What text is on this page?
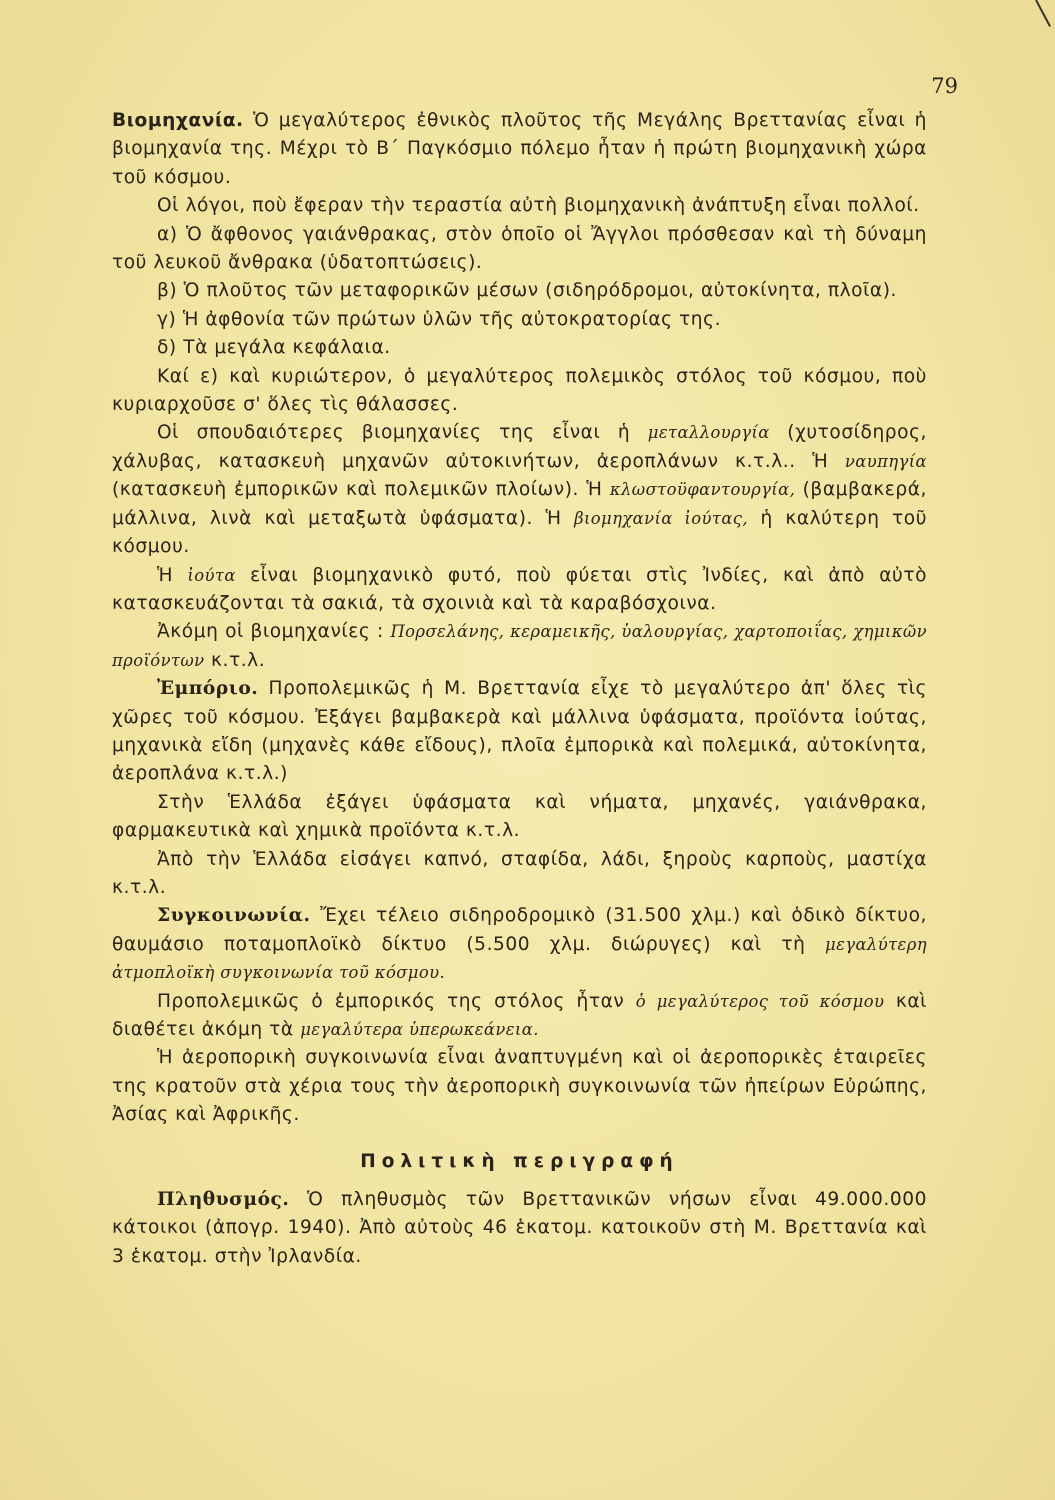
79

Βιομηχανία. Ὁ μεγαλύτερος ἐθνικὸς πλοῦτος τῆς Μεγάλης Βρεττανίας εἶναι ἡ βιομηχανία της. Μέχρι τὸ Β΄ Παγκόσμιο πόλεμο ἦταν ἡ πρώτη βιομηχανικὴ χώρα τοῦ κόσμου.

Οἱ λόγοι, ποὺ ἔφεραν τὴν τεραστία αὐτὴ βιομηχανικὴ ἀνάπτυξη εἶναι πολλοί.

α) Ὁ ἄφθονος γαιάνθρακας, στὸν ὁποῖο οἱ Ἄγγλοι πρόσθεσαν καὶ τὴ δύναμη τοῦ λευκοῦ ἄνθρακα (ὑδατοπτώσεις).

β) Ὁ πλοῦτος τῶν μεταφορικῶν μέσων (σιδηρόδρομοι, αὐτοκίνητα, πλοῖα).

γ) Ἡ ἀφθονία τῶν πρώτων ὑλῶν τῆς αὐτοκρατορίας της.

δ) Τὰ μεγάλα κεφάλαια.

Καί ε) καὶ κυριώτερον, ὁ μεγαλύτερος πολεμικὸς στόλος τοῦ κόσμου, ποὺ κυριαρχοῦσε σ' ὅλες τὶς θάλασσες.

Οἱ σπουδαιότερες βιομηχανίες της εἶναι ἡ μεταλλουργία (χυτοσίδηρος, χάλυβας, κατασκευὴ μηχανῶν αὐτοκινήτων, ἀεροπλάνων κ.τ.λ.. Ἡ ναυπηγία (κατασκευὴ ἐμπορικῶν καὶ πολεμικῶν πλοίων). Ἡ κλωστοϋφαντουργία, (βαμβακερά, μάλλινα, λινὰ καὶ μεταξωτὰ ὑφάσματα). Ἡ βιομηχανία ἰούτας, ἡ καλύτερη τοῦ κόσμου.

Ἡ ἰούτα εἶναι βιομηχανικὸ φυτό, ποὺ φύεται στὶς Ἰνδίες, καὶ ἀπὸ αὐτὸ κατασκευάζονται τὰ σακιά, τὰ σχοινιὰ καὶ τὰ καραβόσχοινα.

Ἀκόμη οἱ βιομηχανίες : Πορσελάνης, κεραμεικῆς, ὑαλουργίας, χαρτοποιΐας, χημικῶν προϊόντων κ.τ.λ.

Ἐμπόριο. Προπολεμικῶς ἡ Μ. Βρεττανία εἶχε τὸ μεγαλύτερο ἀπ' ὅλες τὶς χῶρες τοῦ κόσμου. Ἐξάγει βαμβακερὰ καὶ μάλλινα ὑφάσματα, προϊόντα ἰούτας, μηχανικὰ εἴδη (μηχανὲς κάθε εἴδους), πλοῖα ἐμπορικὰ καὶ πολεμικά, αὐτοκίνητα, ἀεροπλάνα κ.τ.λ.)

Στὴν Ἑλλάδα ἐξάγει ὑφάσματα καὶ νήματα, μηχανές, γαιάνθρακα, φαρμακευτικὰ καὶ χημικὰ προϊόντα κ.τ.λ.

Ἀπὸ τὴν Ἑλλάδα εἰσάγει καπνό, σταφίδα, λάδι, ξηροὺς καρποὺς, μαστίχα κ.τ.λ.

Συγκοινωνία. Ἔχει τέλειο σιδηροδρομικὸ (31.500 χλμ.) καὶ ὁδικὸ δίκτυο, θαυμάσιο ποταμοπλοϊκὸ δίκτυο (5.500 χλμ. διώρυγες) καὶ τὴ μεγαλύτερη ἀτμοπλοϊκὴ συγκοινωνία τοῦ κόσμου.

Προπολεμικῶς ὁ ἐμπορικός της στόλος ἦταν ὁ μεγαλύτερος τοῦ κόσμου καὶ διαθέτει ἀκόμη τὰ μεγαλύτερα ὑπερωκεάνεια.

Ἡ ἀεροπορικὴ συγκοινωνία εἶναι ἀναπτυγμένη καὶ οἱ ἀεροπορικὲς ἑταιρεῖες της κρατοῦν στὰ χέρια τους τὴν ἀεροπορικὴ συγκοινωνία τῶν ἠπείρων Εὐρώπης, Ἀσίας καὶ Ἀφρικῆς.

Πολιτικὴ περιγραφή

Πληθυσμός. Ὁ πληθυσμὸς τῶν Βρεττανικῶν νήσων εἶναι 49.000.000 κάτοικοι (ἀπογρ. 1940). Ἀπὸ αὐτοὺς 46 ἑκατομ. κατοικοῦν στὴ Μ. Βρεττανία καὶ 3 ἑκατομ. στὴν Ἰρλανδία.
